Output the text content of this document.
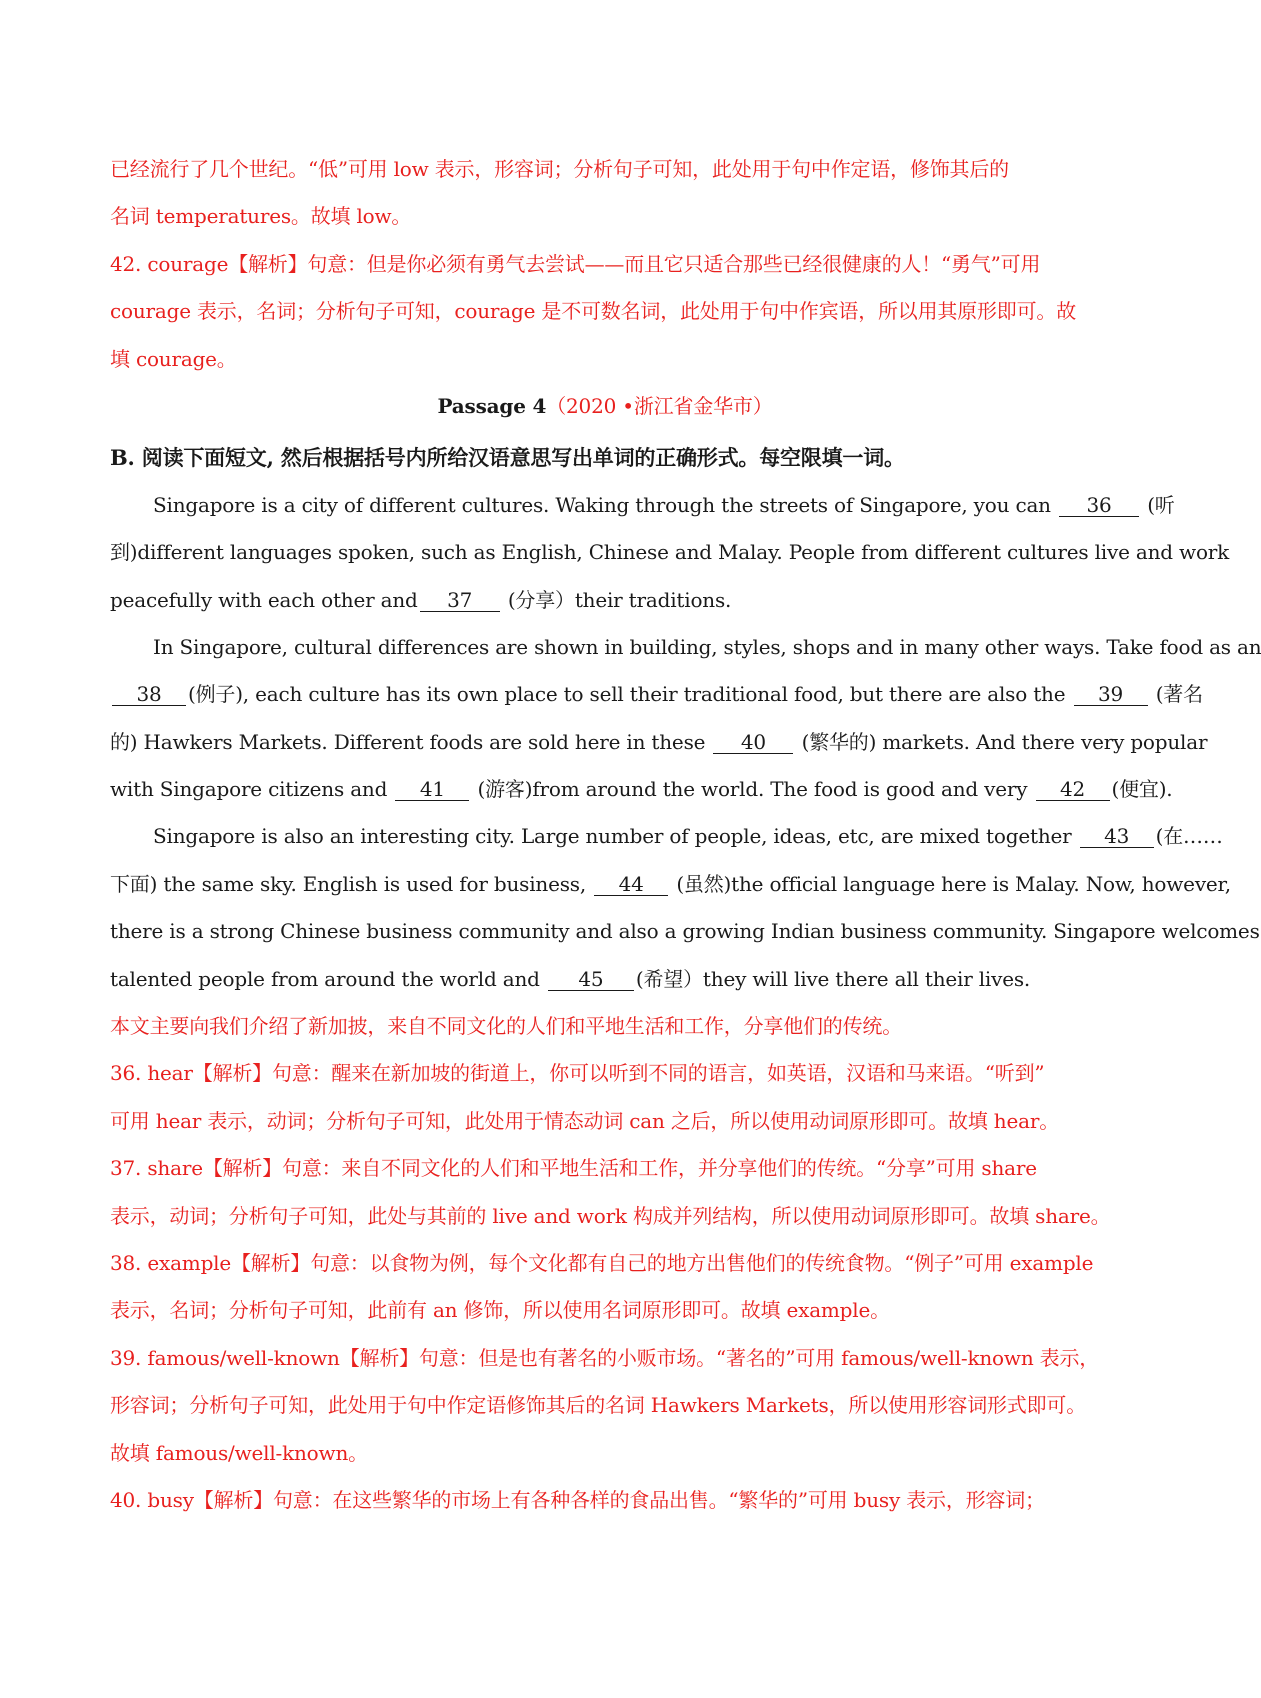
已经流行了几个世纪。“低”可用 low 表示，形容词；分析句子可知，此处用于句中作定语，修饰其后的
名词 temperatures。故填 low。
42. courage【解析】句意：但是你必须有勇气去尝试——而且它只适合那些已经很健康的人！“勇气”可用
courage 表示，名词；分析句子可知，courage 是不可数名词，此处用于句中作宾语，所以用其原形即可。故
填 courage。
Passage 4（2020 •浙江省金华市）
B. 阅读下面短文, 然后根据括号内所给汉语意思写出单词的正确形式。每空限填一词。
Singapore is a city of different cultures. Waking through the streets of Singapore, you can 36 (听
到)different languages spoken, such as English, Chinese and Malay. People from different cultures live and work
peacefully with each other and 37 (分享）their traditions.
In Singapore, cultural differences are shown in building, styles, shops and in many other ways. Take food as an
38 (例子), each culture has its own place to sell their traditional food, but there are also the 39 (著名
的) Hawkers Markets. Different foods are sold here in these 40 (繁华的) markets. And there very popular
with Singapore citizens and 41 (游客)from around the world. The food is good and very 42 (便宜).
Singapore is also an interesting city. Large number of people, ideas, etc, are mixed together 43 (在……
下面) the same sky. English is used for business, 44 (虽然)the official language here is Malay. Now, however,
there is a strong Chinese business community and also a growing Indian business community. Singapore welcomes
talented people from around the world and 45 (希望）they will live there all their lives.
本文主要向我们介绍了新加披，来自不同文化的人们和平地生活和工作，分享他们的传统。
36. hear【解析】句意：醒来在新加坡的街道上，你可以听到不同的语言，如英语，汉语和马来语。“听到”
可用 hear 表示，动词；分析句子可知，此处用于情态动词 can 之后，所以使用动词原形即可。故填 hear。
37. share【解析】句意：来自不同文化的人们和平地生活和工作，并分享他们的传统。“分享”可用 share
表示，动词；分析句子可知，此处与其前的 live and work 构成并列结构，所以使用动词原形即可。故填 share。
38. example【解析】句意：以食物为例，每个文化都有自己的地方出售他们的传统食物。“例子”可用 example
表示，名词；分析句子可知，此前有 an 修饰，所以使用名词原形即可。故填 example。
39. famous/well-known【解析】句意：但是也有著名的小贩市场。“著名的”可用 famous/well-known 表示，
形容词；分析句子可知，此处用于句中作定语修饰其后的名词 Hawkers Markets，所以使用形容词形式即可。
故填 famous/well-known。
40. busy【解析】句意：在这些繁华的市场上有各种各样的食品出售。“繁华的”可用 busy 表示，形容词；
